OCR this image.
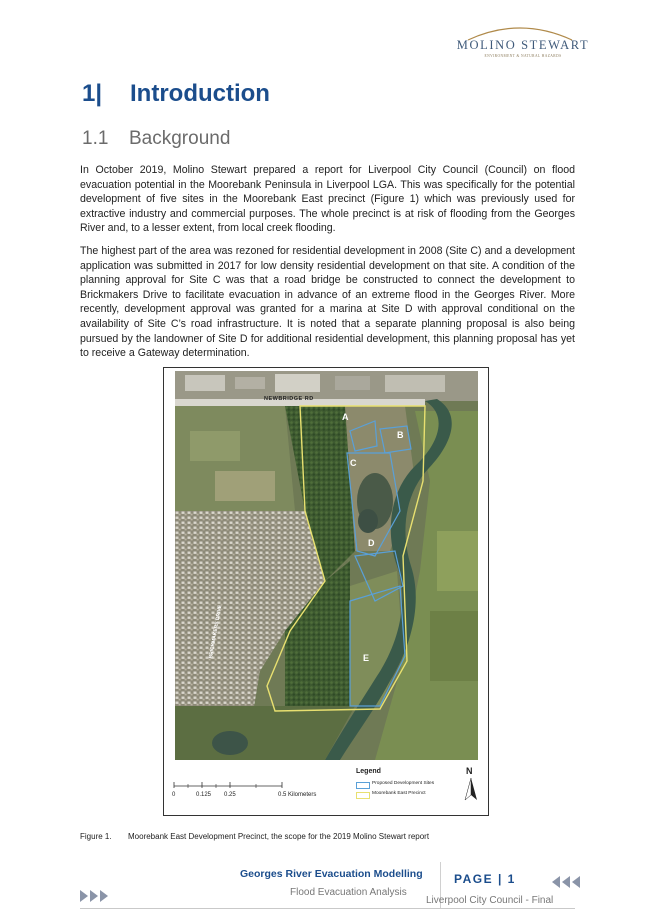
MOLINO STEWART
ENVIRONMENT & NATURAL HAZARDS
1| Introduction
1.1 Background

In October 2019, Molino Stewart prepared a report for Liverpool City Council (Council) on flood evacuation potential in the Moorebank Peninsula in Liverpool LGA. This was specifically for the potential development of five sites in the Moorebank East precinct (Figure 1) which was previously used for extractive industry and commercial purposes. The whole precinct is at risk of flooding from the Georges River and, to a lesser extent, from local creek flooding.

The highest part of the area was rezoned for residential development in 2008 (Site C) and a development application was submitted in 2017 for low density residential development on that site. A condition of the planning approval for Site C was that a road bridge be constructed to connect the development to Brickmakers Drive to facilitate evacuation in advance of an extreme flood in the Georges River. More recently, development approval was granted for a marina at Site D with approval conditional on the availability of Site C’s road infrastructure. It is noted that a separate planning proposal is also being pursued by the landowner of Site D for additional residential development, this planning proposal has yet to receive a Gateway determination.

NEWBRIDGE RD
BRICKMAKERS DRIVE
A
B
C
D
E
0	0.125 0.25	0.5 Kilometers
Legend
Proposed Development Sites
Moorebank East Precinct
N
Figure 1. Moorebank East Development Precinct, the scope for the 2019 Molino Stewart report
Georges River Evacuation Modelling
Flood Evacuation Analysis
PAGE | 1
Liverpool City Council - Final
